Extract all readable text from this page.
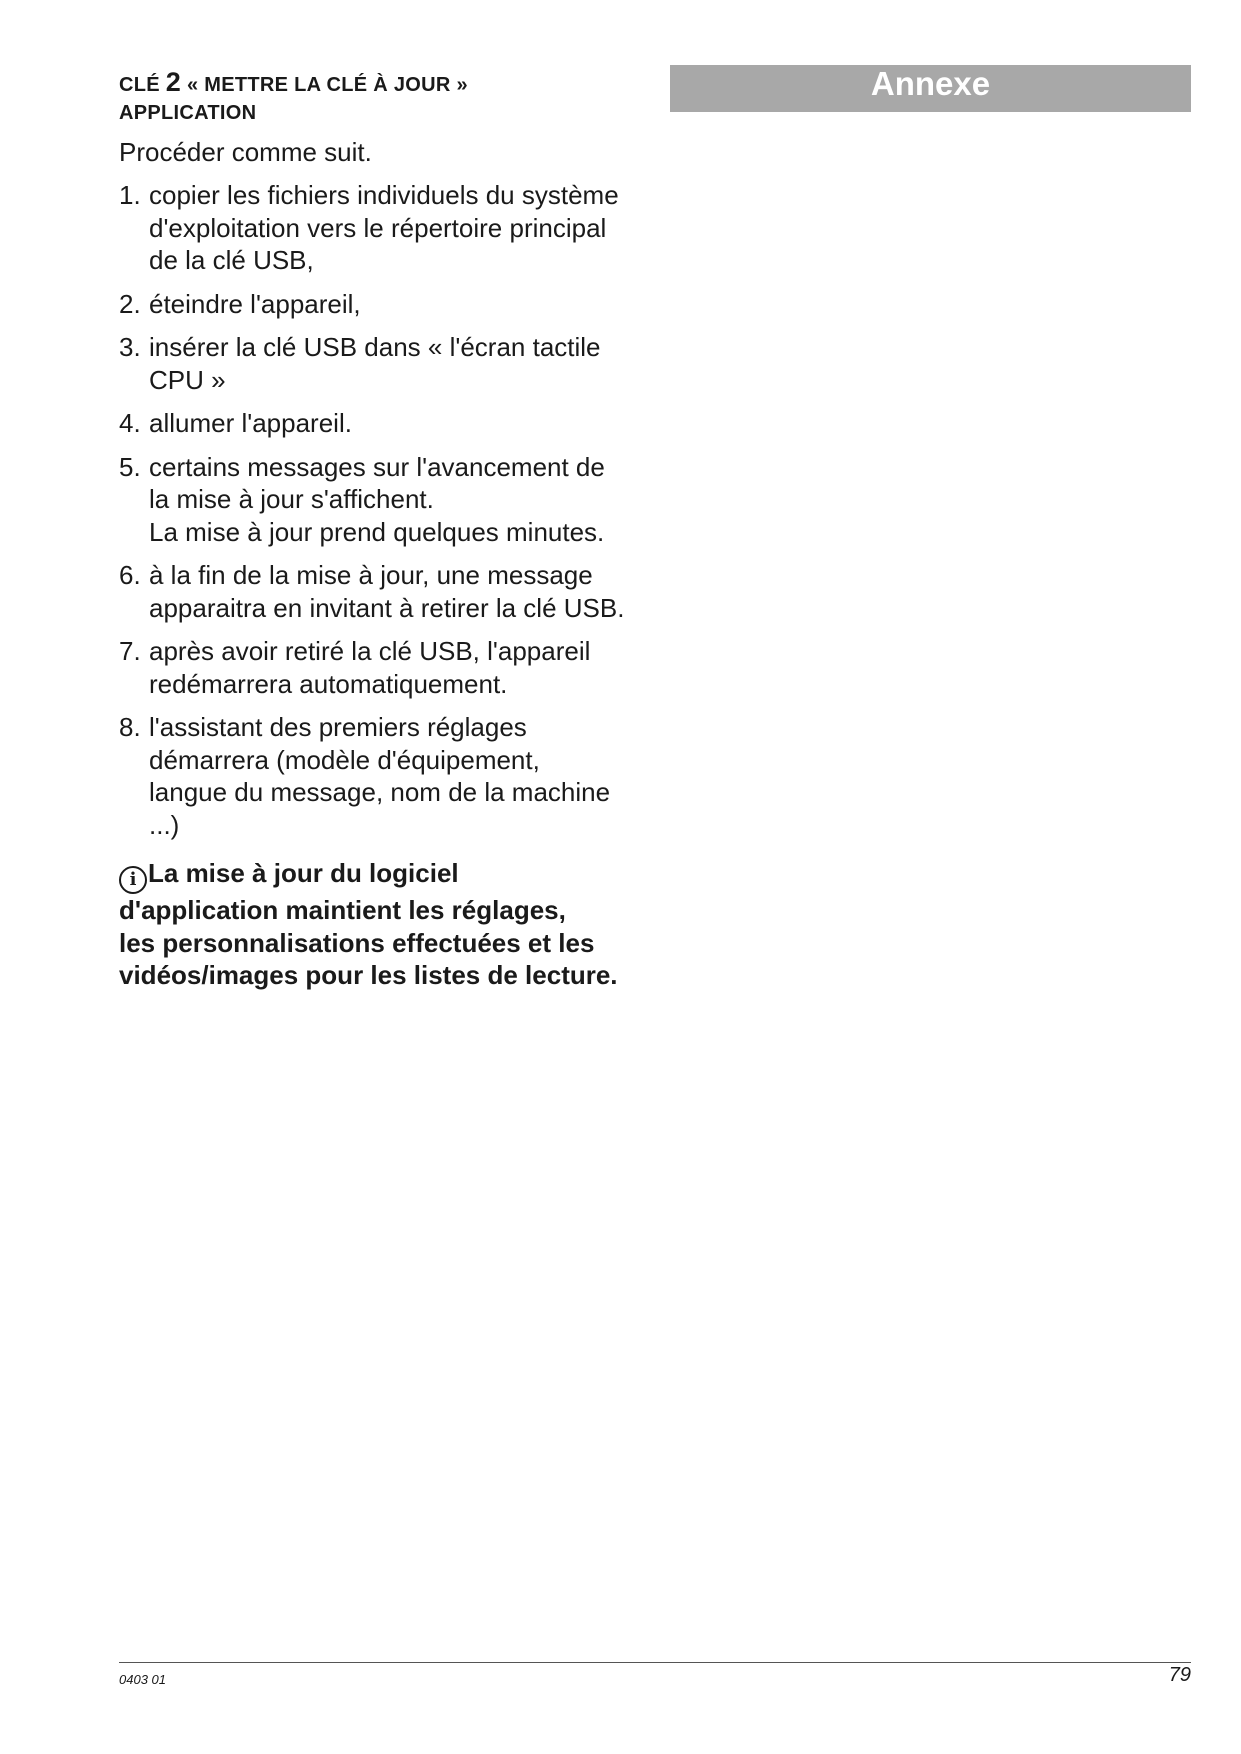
Annexe
CLÉ 2 « METTRE LA CLÉ À JOUR »
APPLICATION
Procéder comme suit.
1. copier les fichiers individuels du système
d'exploitation vers le répertoire principal
de la clé USB,
2. éteindre l'appareil,
3. insérer la clé USB dans « l'écran tactile
CPU »
4. allumer l'appareil.
5. certains messages sur l'avancement de
la mise à jour s'affichent.
La mise à jour prend quelques minutes.
6. à la fin de la mise à jour, une message
apparaitra en invitant à retirer la clé USB.
7. après avoir retiré la clé USB, l'appareil
redémarrera automatiquement.
8. l'assistant des premiers réglages
démarrera (modèle d'équipement,
langue du message, nom de la machine
...)
i La mise à jour du logiciel
d'application maintient les réglages,
les personnalisations effectuées et les
vidéos/images pour les listes de lecture.
0403 01	79
